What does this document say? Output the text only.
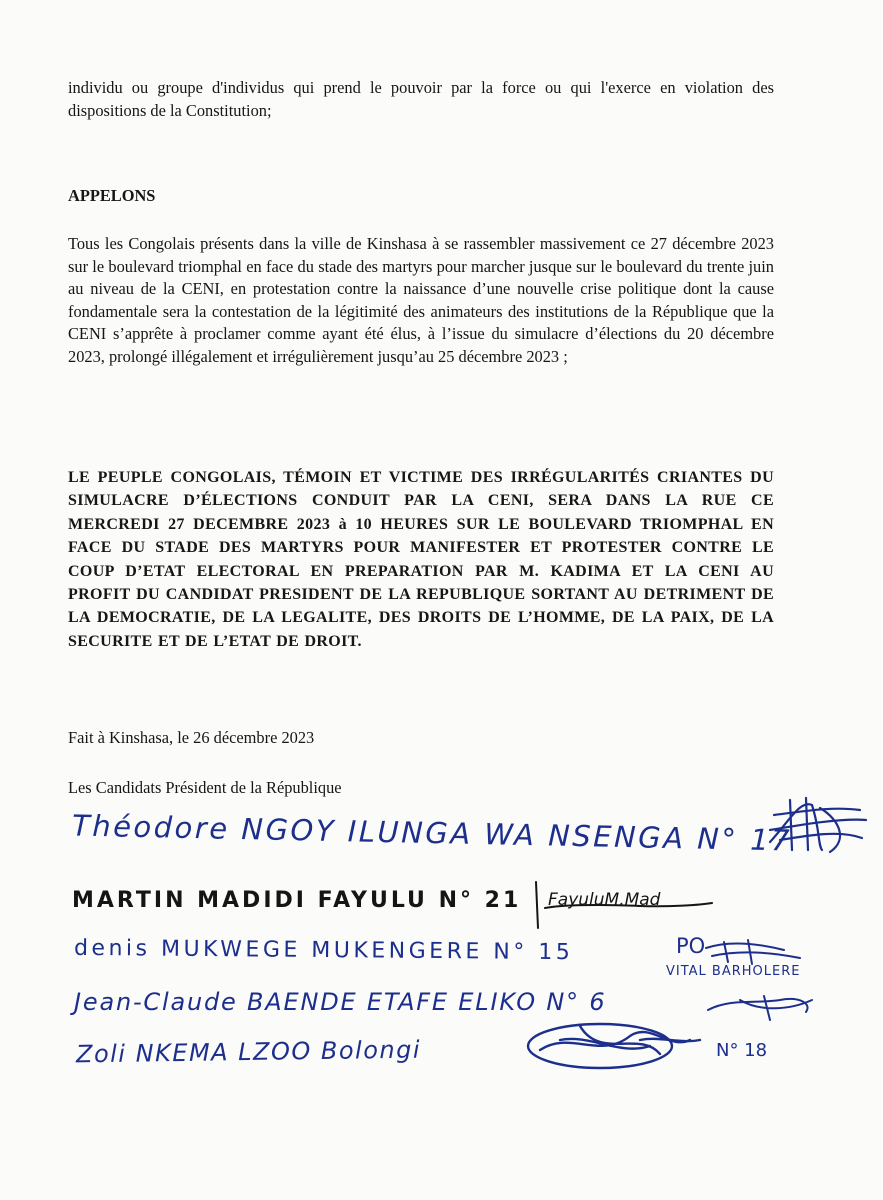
individu ou groupe d'individus qui prend le pouvoir par la force ou qui l'exerce en violation des dispositions de la Constitution;

APPELONS

Tous les Congolais présents dans la ville de Kinshasa à se rassembler massivement ce 27 décembre 2023 sur le boulevard triomphal en face du stade des martyrs pour marcher jusque sur le boulevard du trente juin au niveau de la CENI, en protestation contre la naissance d’une nouvelle crise politique dont la cause fondamentale sera la contestation de la légitimité des animateurs des institutions de la République que la CENI s’apprête à proclamer comme ayant été élus, à l’issue du simulacre d’élections du 20 décembre 2023, prolongé illégalement et irrégulièrement jusqu’au 25 décembre 2023 ;

LE PEUPLE CONGOLAIS, TÉMOIN ET VICTIME DES IRRÉGULARITÉS CRIANTES DU SIMULACRE D’ÉLECTIONS CONDUIT PAR LA CENI, SERA DANS LA RUE CE MERCREDI 27 DECEMBRE 2023 à 10 HEURES SUR LE BOULEVARD TRIOMPHAL EN FACE DU STADE DES MARTYRS POUR MANIFESTER ET PROTESTER CONTRE LE COUP D’ETAT ELECTORAL EN PREPARATION PAR M. KADIMA ET LA CENI AU PROFIT DU CANDIDAT PRESIDENT DE LA REPUBLIQUE SORTANT AU DETRIMENT DE LA DEMOCRATIE, DE LA LEGALITE, DES DROITS DE L’HOMME, DE LA PAIX, DE LA SECURITE ET DE L’ETAT DE DROIT.

Fait à Kinshasa, le 26 décembre 2023

Les Candidats Président de la République

Théodore NGOY ILUNGA WA NSENGA N° 17
MARTIN MADIDI FAYULU N° 21
denis MUKWEGE MUKENGERE N° 15	PO
VITAL BARHOLERE
Jean-Claude BAENDE ETAFE ELIKO N° 6
Zoli NKEMA LZOO Bolongi	N° 18
FayuluM.Mad
